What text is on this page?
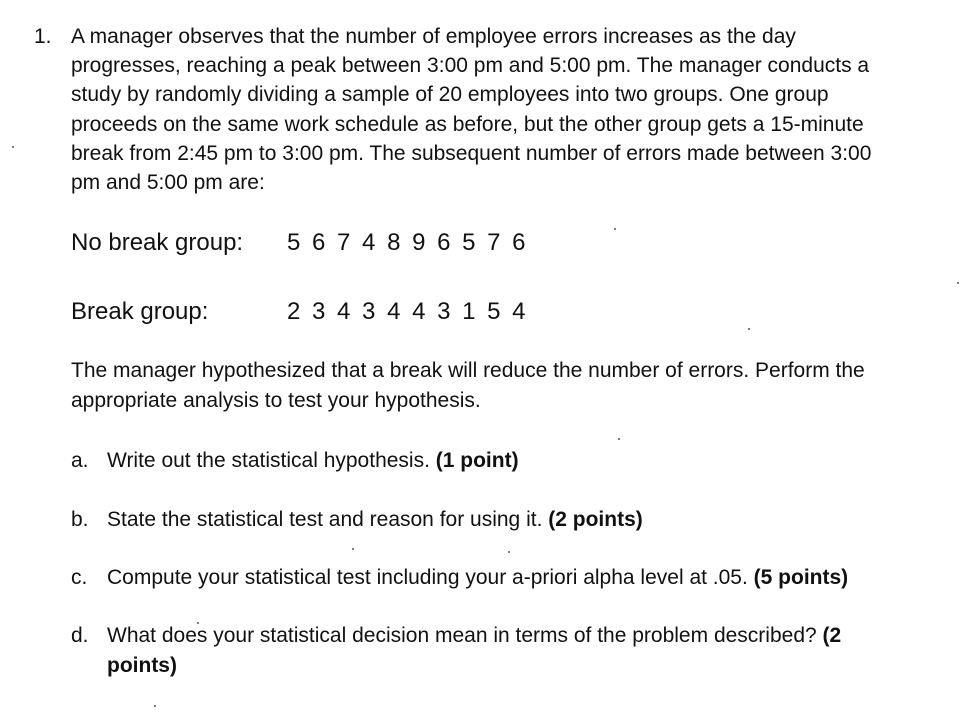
1. A manager observes that the number of employee errors increases as the day
progresses, reaching a peak between 3:00 pm and 5:00 pm. The manager conducts a
study by randomly dividing a sample of 20 employees into two groups. One group
proceeds on the same work schedule as before, but the other group gets a 15-minute
break from 2:45 pm to 3:00 pm. The subsequent number of errors made between 3:00
pm and 5:00 pm are:
No break group: 5 6 7 4 8 9 6 5 7 6
Break group:	2 3 4 3 4 4 3 1 5 4
The manager hypothesized that a break will reduce the number of errors. Perform the
appropriate analysis to test your hypothesis.
a. Write out the statistical hypothesis. (1 point)
b. State the statistical test and reason for using it. (2 points)
c. Compute your statistical test including your a-priori alpha level at .05. (5 points)
d. What does your statistical decision mean in terms of the problem described? (2
points)
